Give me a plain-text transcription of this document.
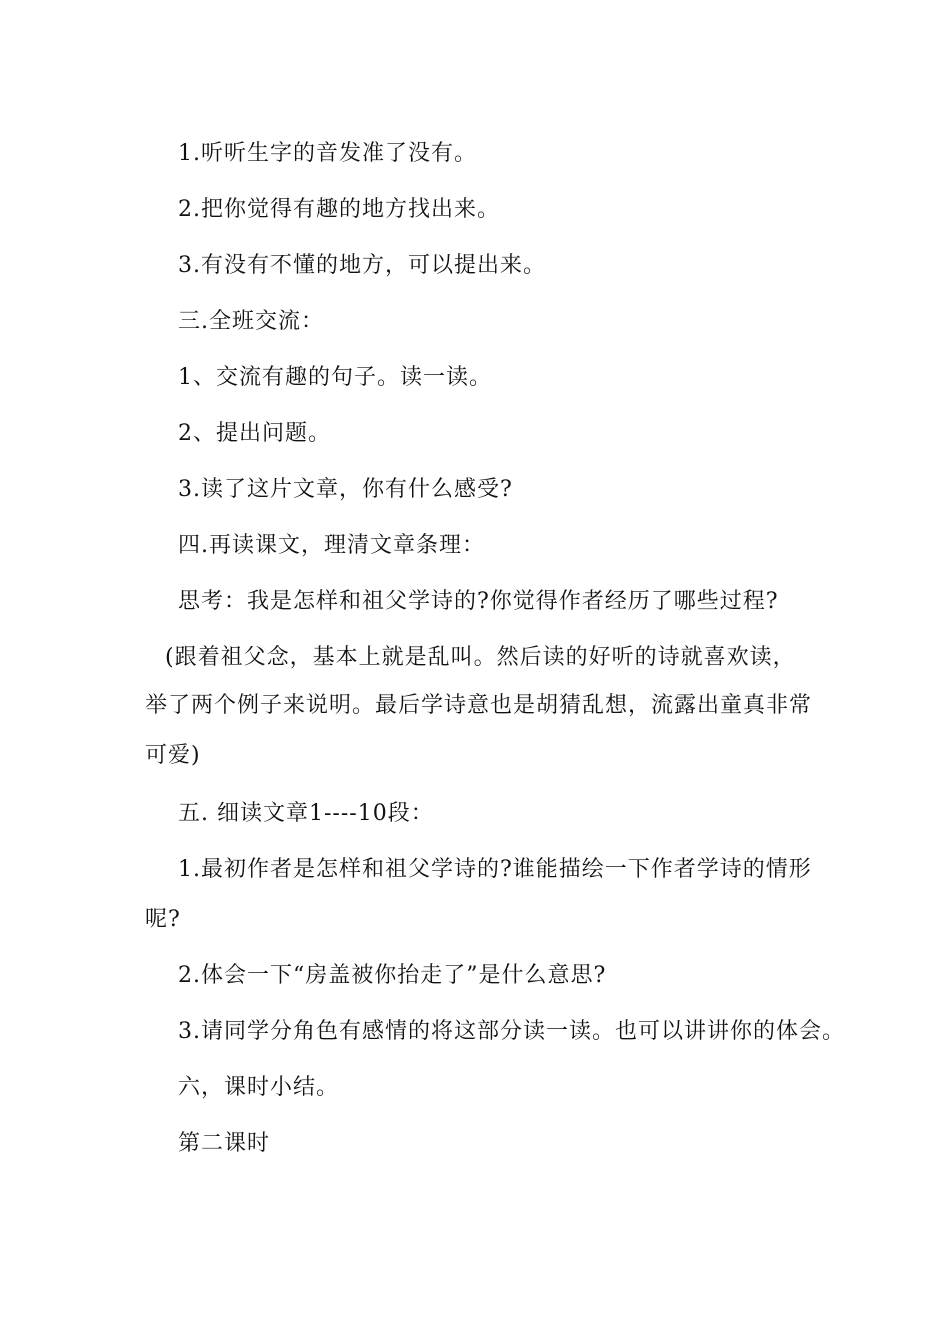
1.听听生字的音发准了没有。
2.把你觉得有趣的地方找出来。
3.有没有不懂的地方，可以提出来。
三.全班交流：
1、交流有趣的句子。读一读。
2、提出问题。
3.读了这片文章，你有什么感受?
四.再读课文，理清文章条理：
思考：我是怎样和祖父学诗的?你觉得作者经历了哪些过程?
(跟着祖父念，基本上就是乱叫。然后读的好听的诗就喜欢读，
举了两个例子来说明。最后学诗意也是胡猜乱想，流露出童真非常
可爱)
五. 细读文章1----10段：
1.最初作者是怎样和祖父学诗的?谁能描绘一下作者学诗的情形
呢?
2.体会一下“房盖被你抬走了”是什么意思?
3.请同学分角色有感情的将这部分读一读。也可以讲讲你的体会。
六，课时小结。
第二课时
